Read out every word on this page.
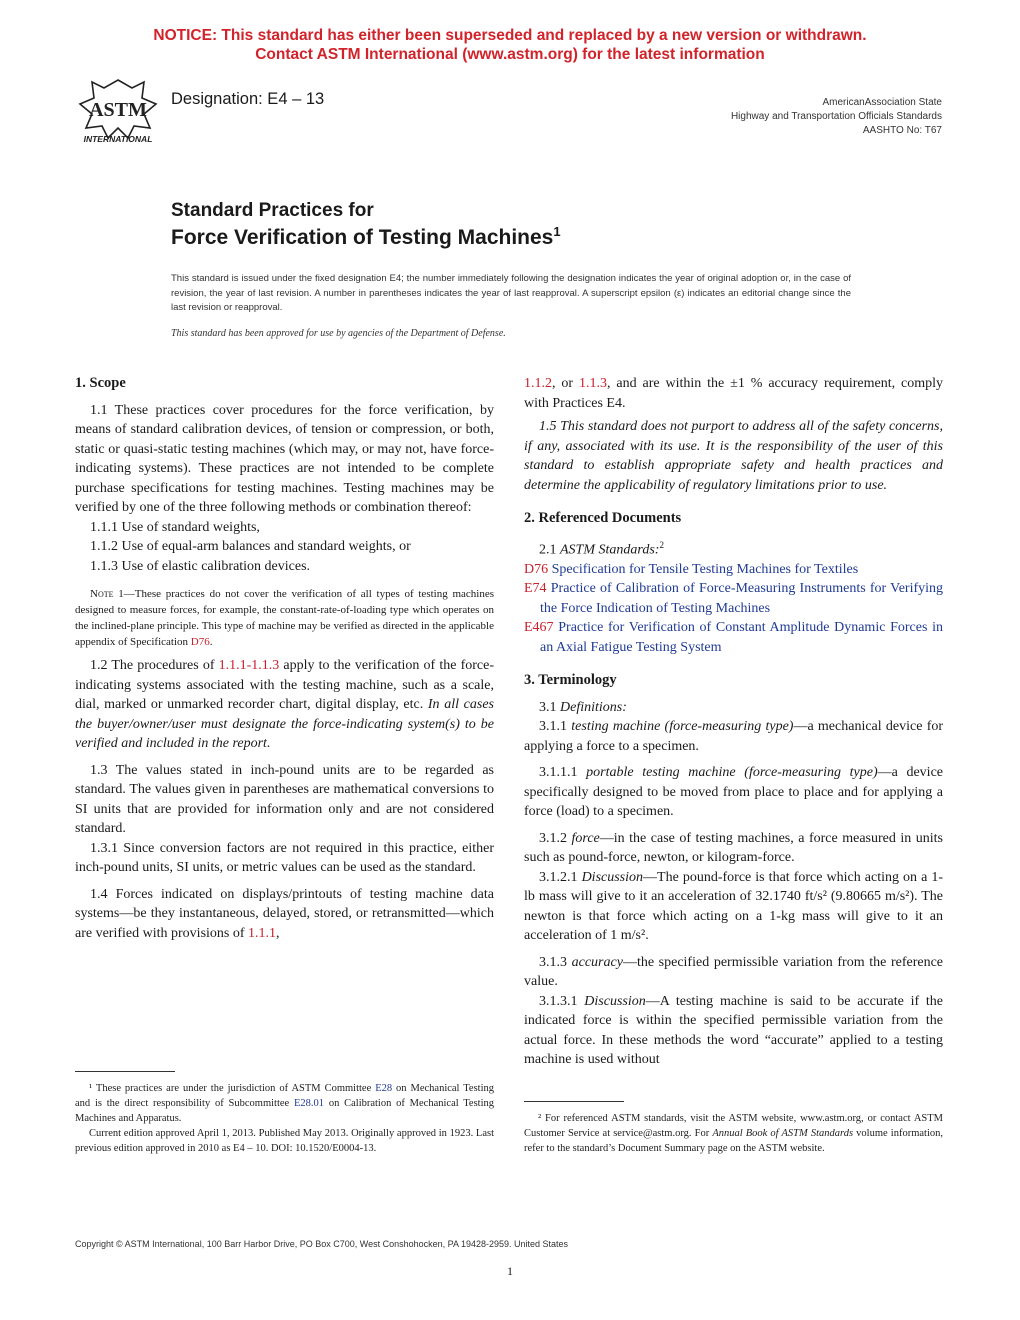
NOTICE: This standard has either been superseded and replaced by a new version or withdrawn.
Contact ASTM International (www.astm.org) for the latest information
ASTM
INTERNATIONAL
Designation: E4 – 13	AmericanAssociation State
Highway and Transportation Officials Standards
AASHTO No: T67
Standard Practices for
Force Verification of Testing Machines$^1$
This standard is issued under the fixed designation E4; the number immediately following the designation indicates the year of original adoption or, in the case of revision, the year of last revision. A number in parentheses indicates the year of last reapproval. A superscript epsilon (ε) indicates an editorial change since the last revision or reapproval.
This standard has been approved for use by agencies of the Department of Defense.

1. Scope

1.1 These practices cover procedures for the force verification, by means of standard calibration devices, of tension or compression, or both, static or quasi-static testing machines (which may, or may not, have force-indicating systems). These practices are not intended to be complete purchase specifications for testing machines. Testing machines may be verified by one of the three following methods or combination thereof:

1.1.1 Use of standard weights,

1.1.2 Use of equal-arm balances and standard weights, or

1.1.3 Use of elastic calibration devices.

Note 1—These practices do not cover the verification of all types of testing machines designed to measure forces, for example, the constant-rate-of-loading type which operates on the inclined-plane principle. This type of machine may be verified as directed in the applicable appendix of Specification D76.

1.2 The procedures of 1.1.1-1.1.3 apply to the verification of the force-indicating systems associated with the testing machine, such as a scale, dial, marked or unmarked recorder chart, digital display, etc. In all cases the buyer/owner/user must designate the force-indicating system(s) to be verified and included in the report.

1.3 The values stated in inch-pound units are to be regarded as standard. The values given in parentheses are mathematical conversions to SI units that are provided for information only and are not considered standard.

1.3.1 Since conversion factors are not required in this practice, either inch-pound units, SI units, or metric values can be used as the standard.

1.4 Forces indicated on displays/printouts of testing machine data systems—be they instantaneous, delayed, stored, or retransmitted—which are verified with provisions of 1.1.1,

1.1.2, or 1.1.3, and are within the ±1 % accuracy requirement, comply with Practices E4.

1.5 This standard does not purport to address all of the safety concerns, if any, associated with its use. It is the responsibility of the user of this standard to establish appropriate safety and health practices and determine the applicability of regulatory limitations prior to use.

2. Referenced Documents

2.1 ASTM Standards:$^2$

D76 Specification for Tensile Testing Machines for Textiles

E74 Practice of Calibration of Force-Measuring Instruments for Verifying the Force Indication of Testing Machines

E467 Practice for Verification of Constant Amplitude Dynamic Forces in an Axial Fatigue Testing System

3. Terminology

3.1 Definitions:

3.1.1 testing machine (force-measuring type)—a mechanical device for applying a force to a specimen.

3.1.1.1 portable testing machine (force-measuring type)—a device specifically designed to be moved from place to place and for applying a force (load) to a specimen.

3.1.2 force—in the case of testing machines, a force measured in units such as pound-force, newton, or kilogram-force.

3.1.2.1 Discussion—The pound-force is that force which acting on a 1-lb mass will give to it an acceleration of 32.1740 ft/s² (9.80665 m/s²). The newton is that force which acting on a 1-kg mass will give to it an acceleration of 1 m/s².

3.1.3 accuracy—the specified permissible variation from the reference value.

3.1.3.1 Discussion—A testing machine is said to be accurate if the indicated force is within the specified permissible variation from the actual force. In these methods the word “accurate” applied to a testing machine is used without

¹ These practices are under the jurisdiction of ASTM Committee E28 on Mechanical Testing and is the direct responsibility of Subcommittee E28.01 on Calibration of Mechanical Testing Machines and Apparatus.

Current edition approved April 1, 2013. Published May 2013. Originally approved in 1923. Last previous edition approved in 2010 as E4 – 10. DOI: 10.1520/E0004-13.

² For referenced ASTM standards, visit the ASTM website, www.astm.org, or contact ASTM Customer Service at service@astm.org. For Annual Book of ASTM Standards volume information, refer to the standard’s Document Summary page on the ASTM website.

Copyright © ASTM International, 100 Barr Harbor Drive, PO Box C700, West Conshohocken, PA 19428-2959. United States
1
